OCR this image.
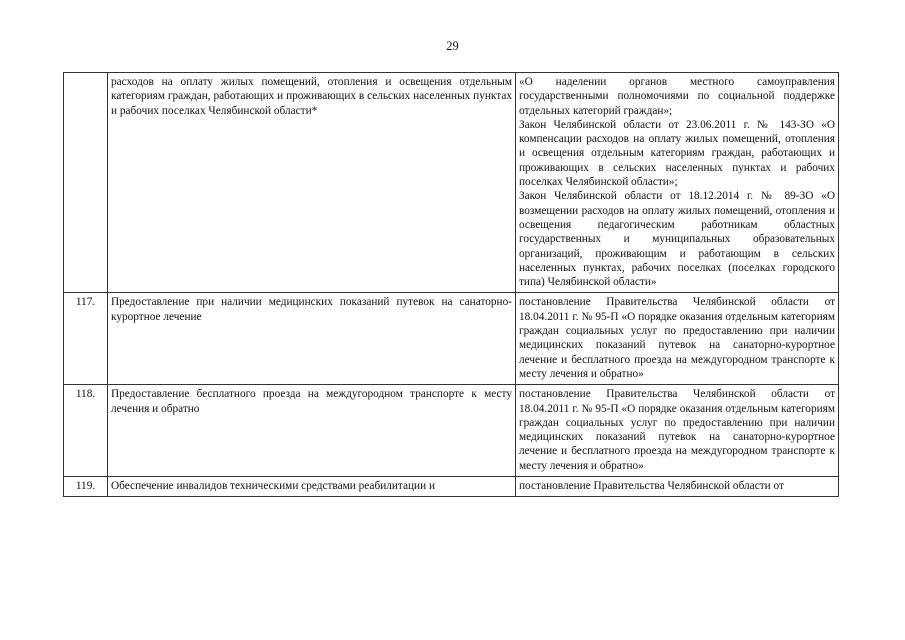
29
	расходов на оплату жилых помещений, отопления и освещения отдельным категориям граждан, работающих и проживающих в сельских населенных пунктах и рабочих поселках Челябинской области*	«О наделении органов местного самоуправления государственными полномочиями по социальной поддержке отдельных категорий граждан»;
Закон Челябинской области от 23.06.2011 г. № 143-ЗО «О компенсации расходов на оплату жилых помещений, отопления и освещения отдельным категориям граждан, работающих и проживающих в сельских населенных пунктах и рабочих поселках Челябинской области»;
Закон Челябинской области от 18.12.2014 г. № 89-ЗО «О возмещении расходов на оплату жилых помещений, отопления и освещения педагогическим работникам областных государственных и муниципальных образовательных организаций, проживающим и работающим в сельских населенных пунктах, рабочих поселках (поселках городского типа) Челябинской области»

117.	Предоставление при наличии медицинских показаний путевок на санаторно-курортное лечение	постановление Правительства Челябинской области от 18.04.2011 г. № 95-П «О порядке оказания отдельным категориям граждан социальных услуг по предоставлению при наличии медицинских показаний путевок на санаторно-курортное лечение и бесплатного проезда на междугородном транспорте к месту лечения и обратно»

118.	Предоставление бесплатного проезда на междугородном транспорте к месту лечения и обратно	постановление Правительства Челябинской области от 18.04.2011 г. № 95-П «О порядке оказания отдельным категориям граждан социальных услуг по предоставлению при наличии медицинских показаний путевок на санаторно-курортное лечение и бесплатного проезда на междугородном транспорте к месту лечения и обратно»

119.	Обеспечение инвалидов техническими средствами реабилитации и	постановление Правительства Челябинской области от
